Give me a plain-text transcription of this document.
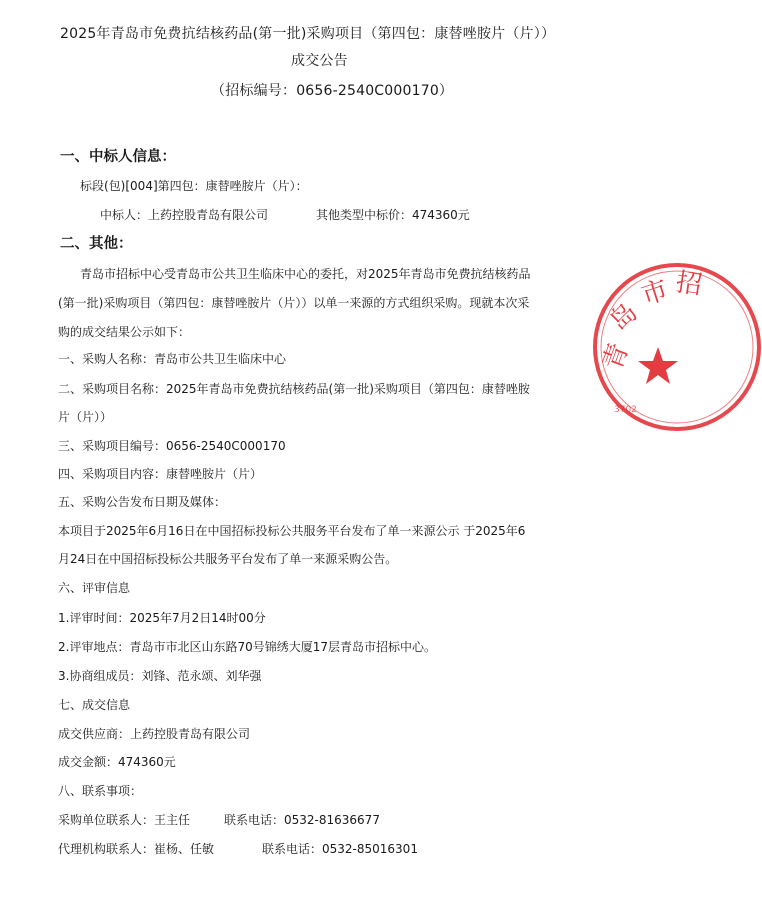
2025年青岛市免费抗结核药品(第一批)采购项目（第四包：康替唑胺片（片））
成交公告
（招标编号：0656-2540C000170）
一、中标人信息：
标段(包)[004]第四包：康替唑胺片（片）：
中标人：上药控股青岛有限公司	其他类型中标价：474360元
二、其他：
青岛市招标中心受青岛市公共卫生临床中心的委托，对2025年青岛市免费抗结核药品
(第一批)采购项目（第四包：康替唑胺片（片））以单一来源的方式组织采购。现就本次采
购的成交结果公示如下：
一、采购人名称：青岛市公共卫生临床中心
二、采购项目名称：2025年青岛市免费抗结核药品(第一批)采购项目（第四包：康替唑胺
片（片））
三、采购项目编号：0656-2540C000170
四、采购项目内容：康替唑胺片（片）
五、采购公告发布日期及媒体：
本项目于2025年6月16日在中国招标投标公共服务平台发布了单一来源公示 于2025年6
月24日在中国招标投标公共服务平台发布了单一来源采购公告。
六、评审信息
1.评审时间：2025年7月2日14时00分
2.评审地点：青岛市市北区山东路70号锦绣大厦17层青岛市招标中心。
3.协商组成员：刘锋、范永颂、刘华强
七、成交信息
成交供应商：上药控股青岛有限公司
成交金额：474360元
八、联系事项：
采购单位联系人：王主任	联系电话：0532-81636677
代理机构联系人：崔杨、任敏	联系电话：0532-85016301
3702
青
岛
市 招
